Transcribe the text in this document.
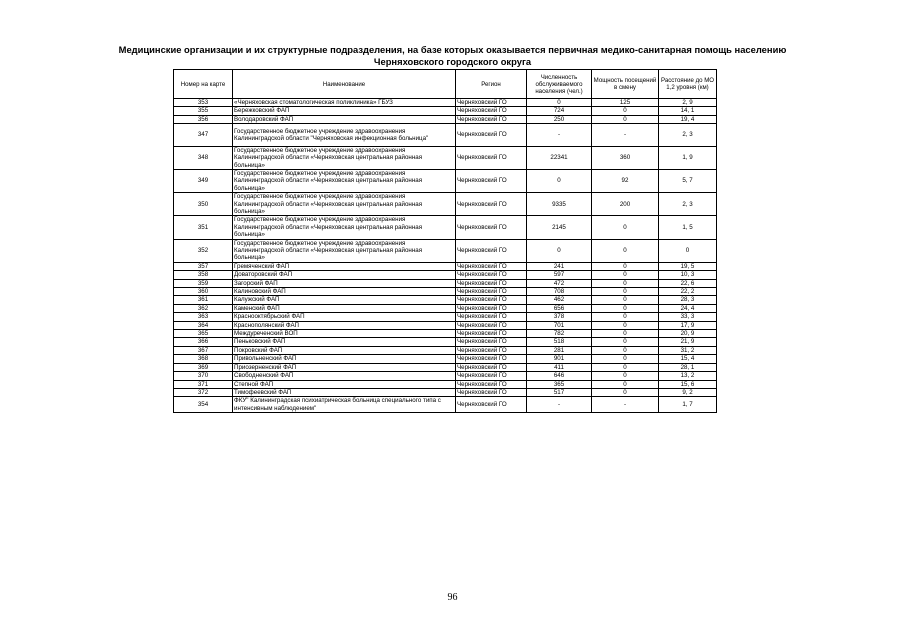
Медицинские организации и их структурные подразделения, на базе которых оказывается первичная медико-санитарная помощь населению
Черняховского городского округа
Номер на карте	Наименование	Регион	Численность обслуживаемого населения (чел.)	Мощность посещений в смену	Расстояние до МО 1,2 уровня (км)
353	«Черняховская стоматологическая поликлиника» ГБУЗ	Черняховский ГО	0	125	2, 9
355	Бережковский ФАП	Черняховский ГО	724	0	14, 1
356	Володаровский ФАП	Черняховский ГО	250	0	19, 4
347	Государственное бюджетное учреждение здравоохранения Калининградской области "Черняховская инфекционная больница"	Черняховский ГО	-	-	2, 3
348	Государственное бюджетное учреждение здравоохранения Калининградской области «Черняховская центральная районная больница»	Черняховский ГО	22341	360	1, 9
349	Государственное бюджетное учреждение здравоохранения Калининградской области «Черняховская центральная районная больница»	Черняховский ГО	0	92	5, 7
350	Государственное бюджетное учреждение здравоохранения Калининградской области «Черняховская центральная районная больница»	Черняховский ГО	9335	200	2, 3
351	Государственное бюджетное учреждение здравоохранения Калининградской области «Черняховская центральная районная больница»	Черняховский ГО	2145	0	1, 5
352	Государственное бюджетное учреждение здравоохранения Калининградской области «Черняховская центральная районная больница»	Черняховский ГО	0	0	0
357	Гремяченский ФАП	Черняховский ГО	241	0	19, 5
358	Доватоpовский ФАП	Черняховский ГО	597	0	10, 3
359	Загорский ФАП	Черняховский ГО	472	0	22, 6
360	Калиновский ФАП	Черняховский ГО	708	0	22, 2
361	Калужский ФАП	Черняховский ГО	462	0	28, 3
362	Каменский ФАП	Черняховский ГО	656	0	24, 4
363	Краснооктябрьский ФАП	Черняховский ГО	378	0	33, 3
364	Краснополянский ФАП	Черняховский ГО	701	0	17, 9
365	Междуреченский ВОП	Черняховский ГО	782	0	20, 9
366	Пеньковский ФАП	Черняховский ГО	518	0	21, 9
367	Покровский ФАП	Черняховский ГО	281	0	31, 2
368	Привольненский ФАП	Черняховский ГО	901	0	15, 4
369	Приозерненский ФАП	Черняховский ГО	411	0	28, 1
370	Свободненский ФАП	Черняховский ГО	646	0	13, 2
371	Степной ФАП	Черняховский ГО	365	0	15, 6
372	Тимофеевский ФАП	Черняховский ГО	517	0	9, 2
354	ФКУ" Калининградская психиатрическая больница специального типа с интенсивным наблюдением"	Черняховский ГО	-	-	1, 7
96
